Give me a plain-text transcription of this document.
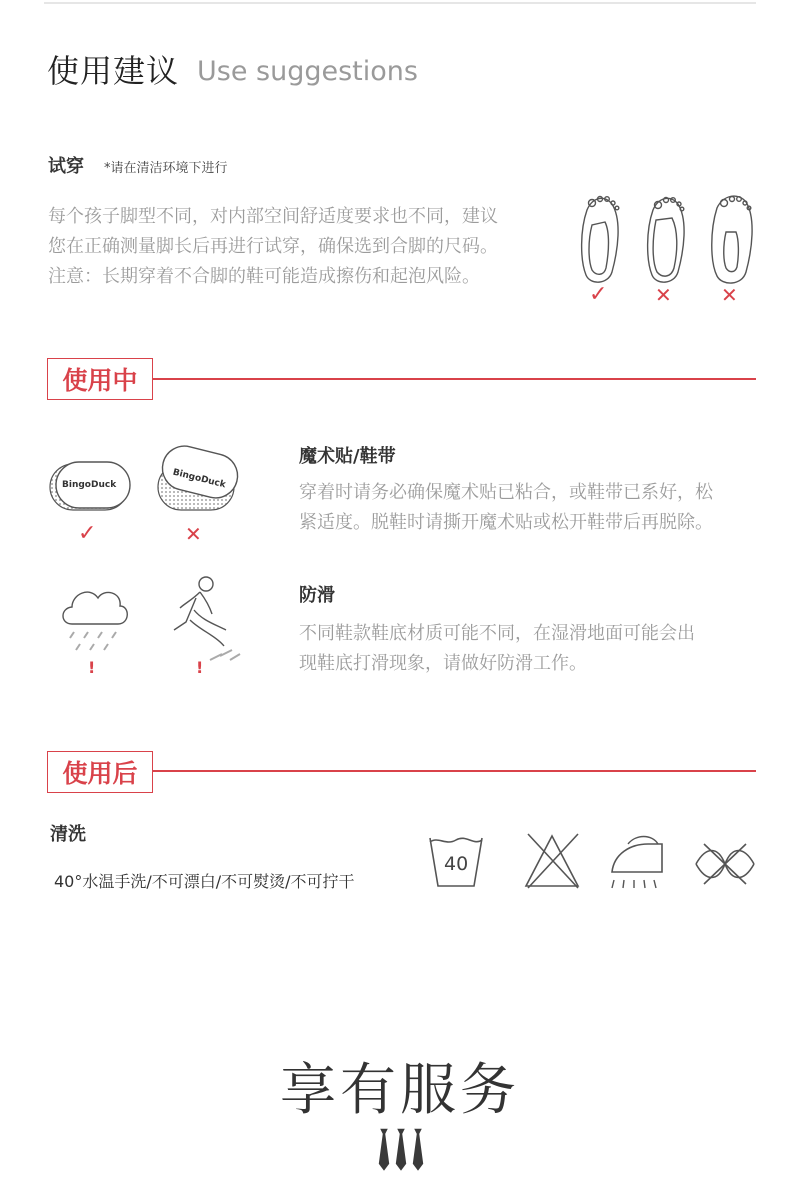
使用建议 Use suggestions
试穿 *请在清洁环境下进行
每个孩子脚型不同，对内部空间舒适度要求也不同，建议
您在正确测量脚长后再进行试穿，确保选到合脚的尺码。
注意：长期穿着不合脚的鞋可能造成擦伤和起泡风险。
✓ ✕ ✕
使用中
BingoDuck	BingoDuck
✓	✕
魔术贴/鞋带
穿着时请务必确保魔术贴已粘合，或鞋带已系好，松
紧适度。脱鞋时请撕开魔术贴或松开鞋带后再脱除。
!	!
防滑
不同鞋款鞋底材质可能不同，在湿滑地面可能会出
现鞋底打滑现象，请做好防滑工作。
使用后
清洗
40°水温手洗/不可漂白/不可熨烫/不可拧干
40
享有服务
